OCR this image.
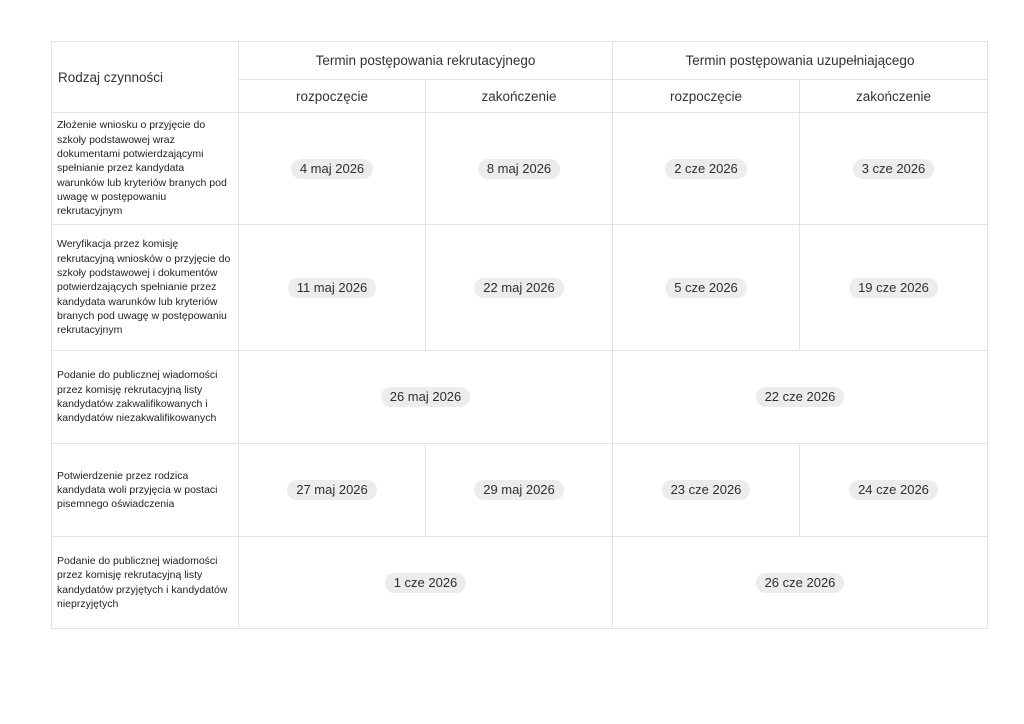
Rodzaj czynności	Termin postępowania rekrutacyjnego		Termin postępowania uzupełniającego	
	rozpoczęcie	zakończenie	rozpoczęcie	zakończenie
Złożenie wniosku o przyjęcie do szkoły podstawowej wraz dokumentami potwierdzającymi spełnianie przez kandydata warunków lub kryteriów branych pod uwagę w postępowaniu rekrutacyjnym	4 maj 2026	8 maj 2026	2 cze 2026	3 cze 2026
Weryfikacja przez komisję rekrutacyjną wniosków o przyjęcie do szkoły podstawowej i dokumentów potwierdzających spełnianie przez kandydata warunków lub kryteriów branych pod uwagę w postępowaniu rekrutacyjnym	11 maj 2026	22 maj 2026	5 cze 2026	19 cze 2026
Podanie do publicznej wiadomości przez komisję rekrutacyjną listy kandydatów zakwalifikowanych i kandydatów niezakwalifikowanych	26 maj 2026		22 cze 2026	
Potwierdzenie przez rodzica kandydata woli przyjęcia w postaci pisemnego oświadczenia	27 maj 2026	29 maj 2026	23 cze 2026	24 cze 2026
Podanie do publicznej wiadomości przez komisję rekrutacyjną listy kandydatów przyjętych i kandydatów nieprzyjętych	1 cze 2026		26 cze 2026	
